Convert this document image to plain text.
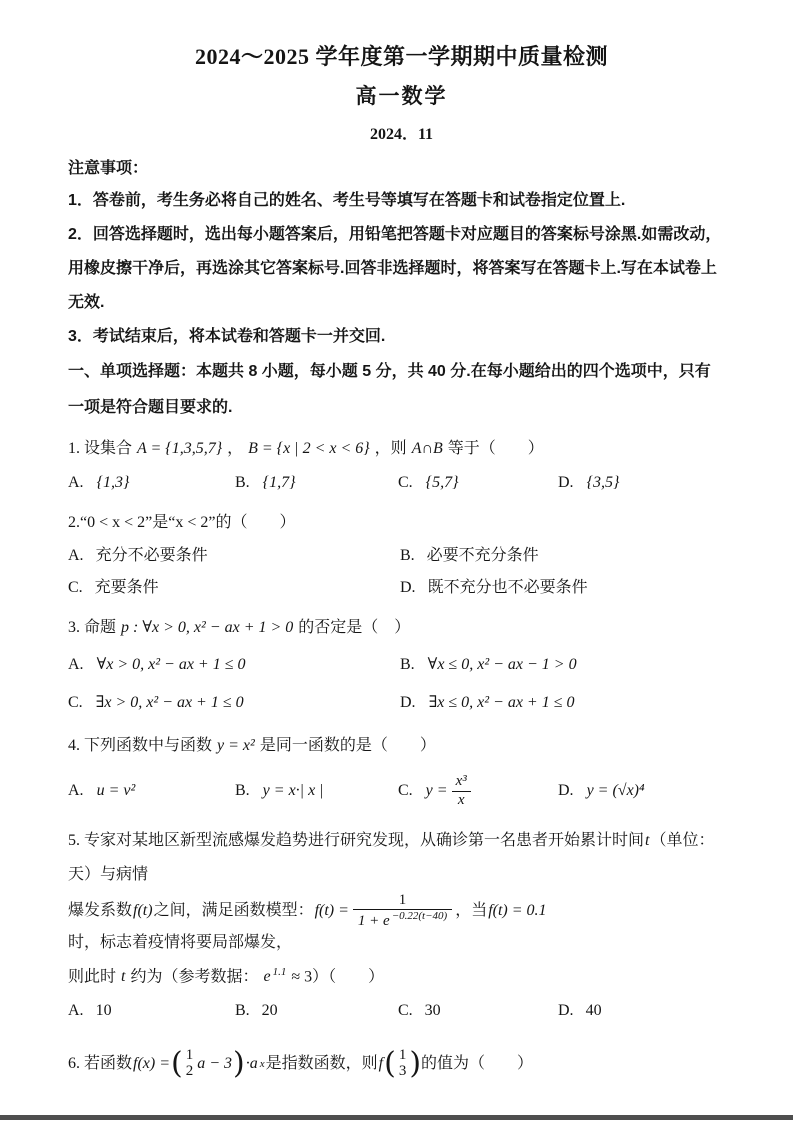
2024～2025 学年度第一学期期中质量检测
高一数学
2024．11
注意事项：
1．答卷前，考生务必将自己的姓名、考生号等填写在答题卡和试卷指定位置上.
2．回答选择题时，选出每小题答案后，用铅笔把答题卡对应题目的答案标号涂黑.如需改动，
用橡皮擦干净后，再选涂其它答案标号.回答非选择题时，将答案写在答题卡上.写在本试卷上
无效.
3．考试结束后，将本试卷和答题卡一并交回.
一、单项选择题：本题共 8 小题，每小题 5 分，共 40 分.在每小题给出的四个选项中，只有
一项是符合题目要求的.
1. 设集合 A = {1,3,5,7} ， B = {x | 2 < x < 6} ，则 A∩B 等于（　　）
A. {1,3}	B. {1,7}	C. {5,7}	D. {3,5}
2.“0 < x < 2”是“x < 2”的（　　）
A. 充分不必要条件	B. 必要不充分条件
C. 充要条件	D. 既不充分也不必要条件
3. 命题 p : ∀x > 0, x² − ax + 1 > 0 的否定是（　）
A. ∀x > 0, x² − ax + 1 ≤ 0	B. ∀x ≤ 0, x² − ax − 1 > 0
C. ∃x > 0, x² − ax + 1 ≤ 0	D. ∃x ≤ 0, x² − ax + 1 ≤ 0
4. 下列函数中与函数 y = x² 是同一函数的是（　　）
A. u = v²	B. y = x·| x |	C. $y = \frac{\text{x³}}{x}$	D. y = (√x)⁴
5. 专家对某地区新型流感爆发趋势进行研究发现，从确诊第一名患者开始累计时间t（单位：天）与病情
爆发系数 f(t) 之间，满足函数模型： $f(t) = \frac{1}{1 + e ^{-0.22(t-40)}}$ ，当 f(t) = 0.1
时，标志着疫情将要局部爆发，
则此时 t 约为（参考数据： e $^{1.1}$ ≈ 3）（　　）
A. 10	B. 20	C. 30	D. 40
6. 若函数 f(x) = ( 1
2 a − 3 ) ·a x 是指数函数，则 f ( 1
3 ) 的值为（　　）
